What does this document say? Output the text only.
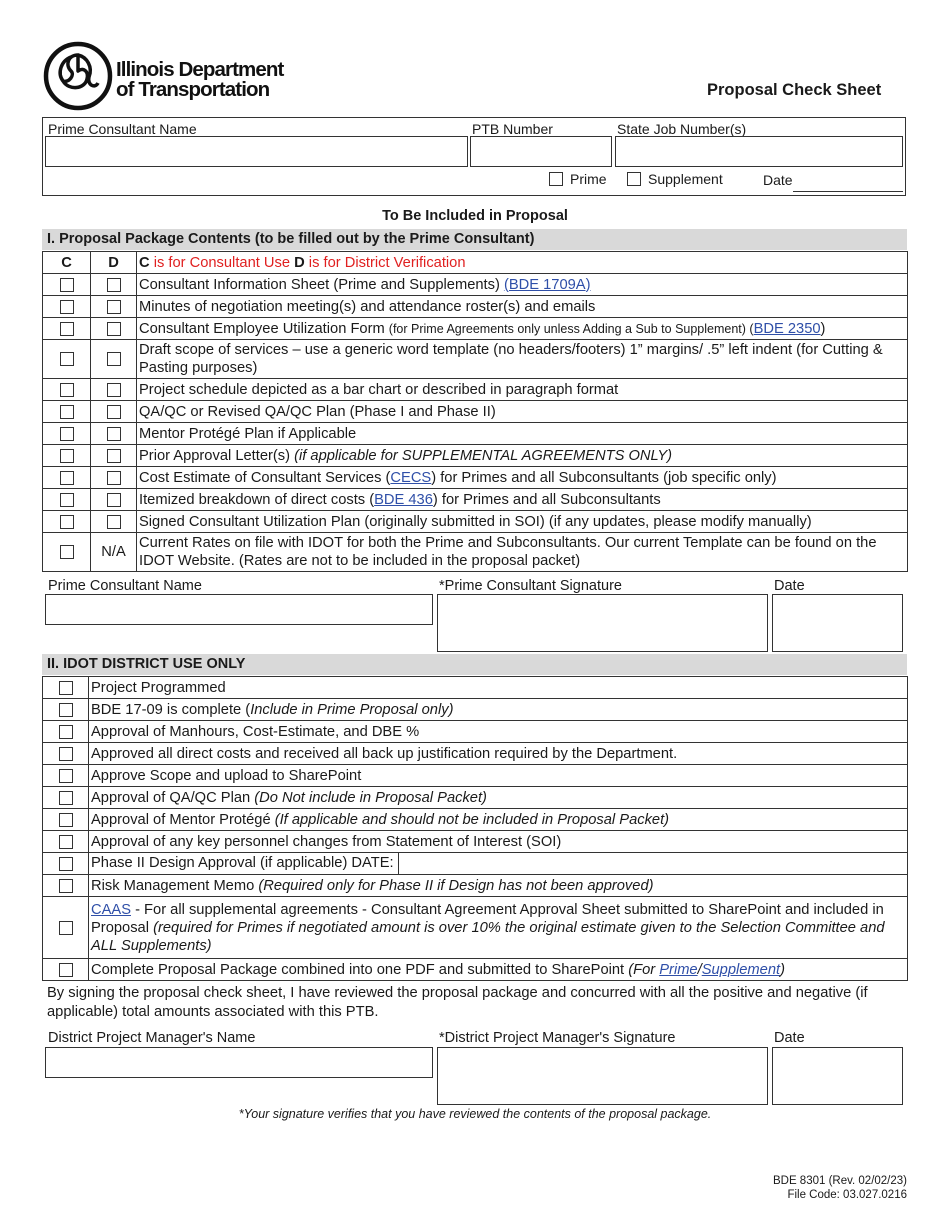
Illinois Department
of Transportation	Proposal Check Sheet
Prime Consultant Name	PTB Number	State Job Number(s)
Prime	Supplement	Date
To Be Included in Proposal
I. Proposal Package Contents (to be filled out by the Prime Consultant)
C	D	C is for Consultant Use D is for District Verification
		Consultant Information Sheet (Prime and Supplements) (BDE 1709A)
		Minutes of negotiation meeting(s) and attendance roster(s) and emails
		Consultant Employee Utilization Form (for Prime Agreements only unless Adding a Sub to Supplement) (BDE 2350)
		Draft scope of services – use a generic word template (no headers/footers) 1” margins/ .5” left indent (for Cutting & Pasting purposes)
		Project schedule depicted as a bar chart or described in paragraph format
		QA/QC or Revised QA/QC Plan (Phase I and Phase II)
		Mentor Protégé Plan if Applicable
		Prior Approval Letter(s) (if applicable for SUPPLEMENTAL AGREEMENTS ONLY)
		Cost Estimate of Consultant Services (CECS) for Primes and all Subconsultants (job specific only)
		Itemized breakdown of direct costs (BDE 436) for Primes and all Subconsultants
		Signed Consultant Utilization Plan (originally submitted in SOI) (if any updates, please modify manually)
	N/A	Current Rates on file with IDOT for both the Prime and Subconsultants. Our current Template can be found on the IDOT Website. (Rates are not to be included in the proposal packet)
Prime Consultant Name	*Prime Consultant Signature	Date
II. IDOT DISTRICT USE ONLY
	Project Programmed
	BDE 17-09 is complete (Include in Prime Proposal only)
	Approval of Manhours, Cost-Estimate, and DBE %
	Approved all direct costs and received all back up justification required by the Department.
	Approve Scope and upload to SharePoint
	Approval of QA/QC Plan (Do Not include in Proposal Packet)
	Approval of Mentor Protégé (If applicable and should not be included in Proposal Packet)
	Approval of any key personnel changes from Statement of Interest (SOI)

	Phase II Design Approval (if applicable) DATE:

	Risk Management Memo (Required only for Phase II if Design has not been approved)
	CAAS - For all supplemental agreements - Consultant Agreement Approval Sheet submitted to SharePoint and included in Proposal (required for Primes if negotiated amount is over 10% the original estimate given to the Selection Committee and ALL Supplements)
	Complete Proposal Package combined into one PDF and submitted to SharePoint (For Prime/Supplement)
By signing the proposal check sheet, I have reviewed the proposal package and concurred with all the positive and negative (if applicable) total amounts associated with this PTB.
District Project Manager's Name	*District Project Manager's Signature	Date
*Your signature verifies that you have reviewed the contents of the proposal package.
BDE 8301 (Rev. 02/02/23)
File Code: 03.027.0216
